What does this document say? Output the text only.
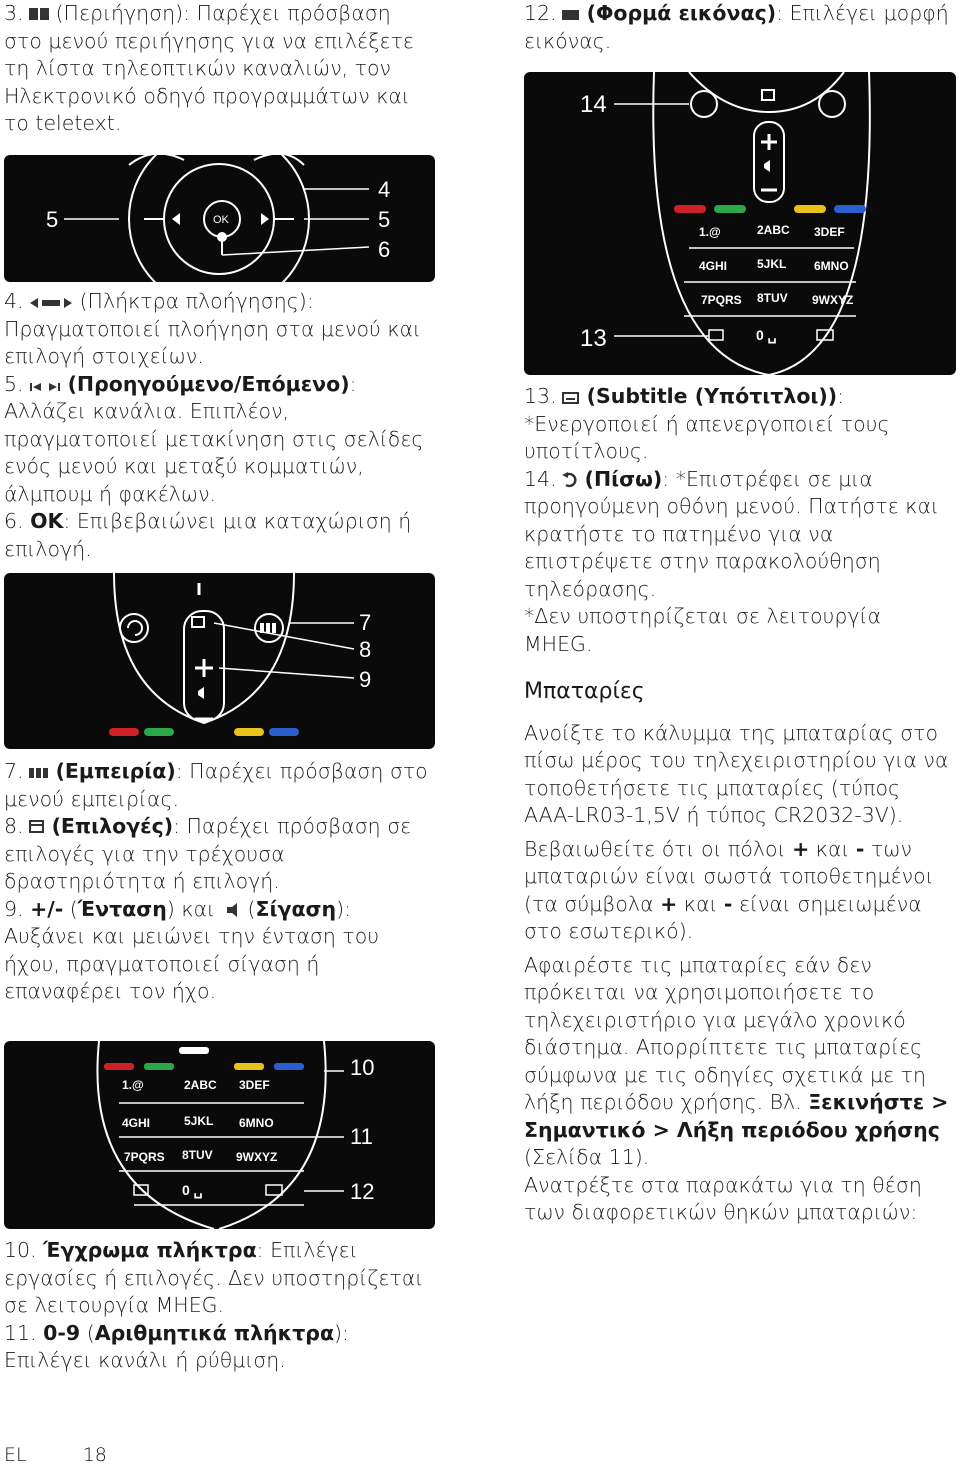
3. (Περιήγηση): Παρέχει πρόσβαση στο μενού περιήγησης για να επιλέξετε τη λίστα τηλεοπτικών καναλιών, τον Ηλεκτρονικό οδηγό προγραμμάτων και το teletext.

5
4
5
6
OK

4.	(Πλήκτρα πλοήγησης): Πραγματοποιεί πλοήγηση στα μενού και επιλογή στοιχείων.

5. (Προηγούμενο/Επόμενο): Αλλάζει κανάλια. Επιπλέον, πραγματοποιεί μετακίνηση στις σελίδες ενός μενού και μεταξύ κομματιών, άλμπουμ ή φακέλων.

6. OK: Επιβεβαιώνει μια καταχώριση ή επιλογή.

7
8
9

7. (Εμπειρία): Παρέχει πρόσβαση στο μενού εμπειρίας.

8. (Επιλογές): Παρέχει πρόσβαση σε επιλογές για την τρέχουσα δραστηριότητα ή επιλογή.

9. +/- (Ένταση) και (Σίγαση): Αυξάνει και μειώνει την ένταση του ήχου, πραγματοποιεί σίγαση ή επαναφέρει τον ήχο.

1.@	2ABC 3DEF
4GHI	5JKL 6MNO
7PQRS 8TUV 9WXYZ
0 ␣
10
11
12

10. Έγχρωμα πλήκτρα: Επιλέγει εργασίες ή επιλογές. Δεν υποστηρίζεται σε λειτουργία MHEG.

11. 0-9 (Αριθμητικά πλήκτρα): Επιλέγει κανάλι ή ρύθμιση.

12. (Φορμά εικόνας): Επιλέγει μορφή εικόνας.

1.@	2ABC 3DEF
4GHI 5JKL 6MNO
7PQRS 8TUV 9WXYZ
0 ␣
14
13

13. (Subtitle (Υπότιτλοι)): *Ενεργοποιεί ή απενεργοποιεί τους υποτίτλους.

14. (Πίσω): *Επιστρέφει σε μια προηγούμενη οθόνη μενού. Πατήστε και κρατήστε το πατημένο για να επιστρέψετε στην παρακολούθηση τηλεόρασης.

*Δεν υποστηρίζεται σε λειτουργία MHEG.

Μπαταρίες

Ανοίξτε το κάλυμμα της μπαταρίας στο πίσω μέρος του τηλεχειριστηρίου για να τοποθετήσετε τις μπαταρίες (τύπος AAA-LR03-1,5V ή τύπος CR2032-3V).

Βεβαιωθείτε ότι οι πόλοι + και - των μπαταριών είναι σωστά τοποθετημένοι (τα σύμβολα + και - είναι σημειωμένα στο εσωτερικό).

Αφαιρέστε τις μπαταρίες εάν δεν πρόκειται να χρησιμοποιήσετε το τηλεχειριστήριο για μεγάλο χρονικό διάστημα. Απορρίπτετε τις μπαταρίες σύμφωνα με τις οδηγίες σχετικά με τη λήξη περιόδου χρήσης. Βλ. Ξεκινήστε > Σημαντικό > Λήξη περιόδου χρήσης (Σελίδα 11).

Ανατρέξτε στα παρακάτω για τη θέση των διαφορετικών θηκών μπαταριών:

EL	18
